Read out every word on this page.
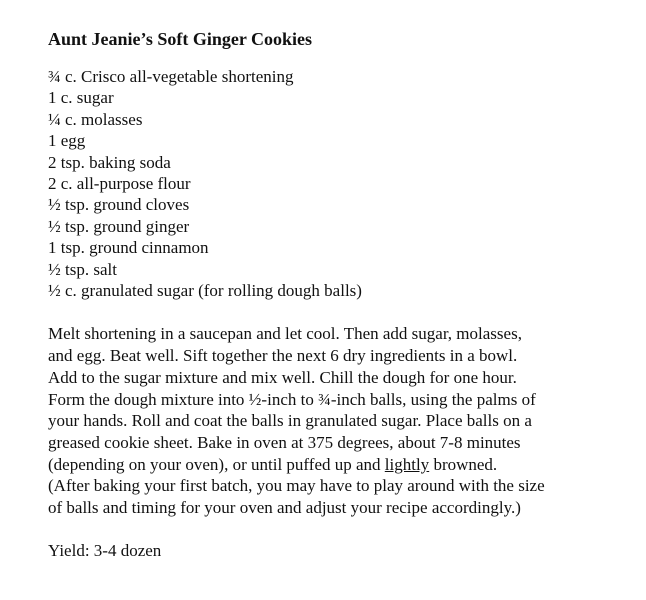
Aunt Jeanie’s Soft Ginger Cookies
¾ c. Crisco all-vegetable shortening
1 c. sugar
¼ c. molasses
1 egg
2 tsp. baking soda
2 c. all-purpose flour
½ tsp. ground cloves
½ tsp. ground ginger
1 tsp. ground cinnamon
½ tsp. salt
½ c. granulated sugar (for rolling dough balls)
Melt shortening in a saucepan and let cool. Then add sugar, molasses,
and egg. Beat well. Sift together the next 6 dry ingredients in a bowl.
Add to the sugar mixture and mix well. Chill the dough for one hour.
Form the dough mixture into ½-inch to ¾-inch balls, using the palms of
your hands. Roll and coat the balls in granulated sugar. Place balls on a
greased cookie sheet. Bake in oven at 375 degrees, about 7-8 minutes
(depending on your oven), or until puffed up and lightly browned.
(After baking your first batch, you may have to play around with the size
of balls and timing for your oven and adjust your recipe accordingly.)
Yield: 3-4 dozen
